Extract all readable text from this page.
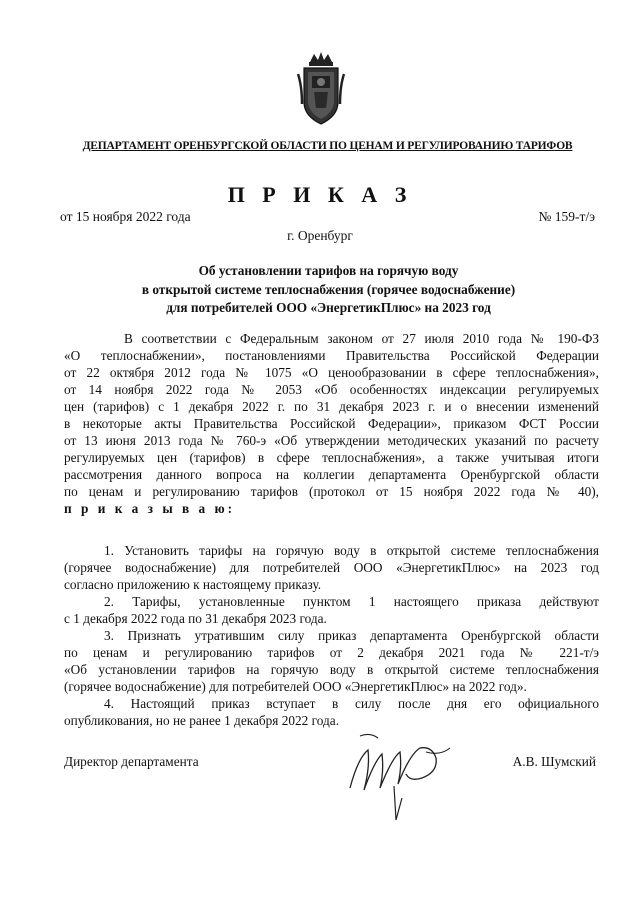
ДЕПАРТАМЕНТ ОРЕНБУРГСКОЙ ОБЛАСТИ ПО ЦЕНАМ И РЕГУЛИРОВАНИЮ ТАРИФОВ
П Р И К А З
от 15 ноября 2022 года	№ 159-т/э
г. Оренбург
Об установлении тарифов на горячую воду
в открытой системе теплоснабжения (горячее водоснабжение)
для потребителей ООО «ЭнергетикПлюс» на 2023 год
В соответствии с Федеральным законом от 27 июля 2010 года № 190-ФЗ
«О теплоснабжении», постановлениями Правительства Российской Федерации
от 22 октября 2012 года № 1075 «О ценообразовании в сфере теплоснабжения»,
от 14 ноября 2022 года № 2053 «Об особенностях индексации регулируемых
цен (тарифов) с 1 декабря 2022 г. по 31 декабря 2023 г. и о внесении изменений
в некоторые акты Правительства Российской Федерации», приказом ФСТ России
от 13 июня 2013 года № 760-э «Об утверждении методических указаний по расчету
регулируемых цен (тарифов) в сфере теплоснабжения», а также учитывая итоги
рассмотрения данного вопроса на коллегии департамента Оренбургской области
по ценам и регулированию тарифов (протокол от 15 ноября 2022 года № 40),
п р и к а з ы в а ю:
1. Установить тарифы на горячую воду в открытой системе теплоснабжения
(горячее водоснабжение) для потребителей ООО «ЭнергетикПлюс» на 2023 год
согласно приложению к настоящему приказу.
2. Тарифы, установленные пунктом 1 настоящего приказа действуют
с 1 декабря 2022 года по 31 декабря 2023 года.
3. Признать утратившим силу приказ департамента Оренбургской области
по ценам и регулированию тарифов от 2 декабря 2021 года № 221-т/э
«Об установлении тарифов на горячую воду в открытой системе теплоснабжения
(горячее водоснабжение) для потребителей ООО «ЭнергетикПлюс» на 2022 год».
4. Настоящий приказ вступает в силу после дня его официального
опубликования, но не ранее 1 декабря 2022 года.
Директор департамента	А.В. Шумский
